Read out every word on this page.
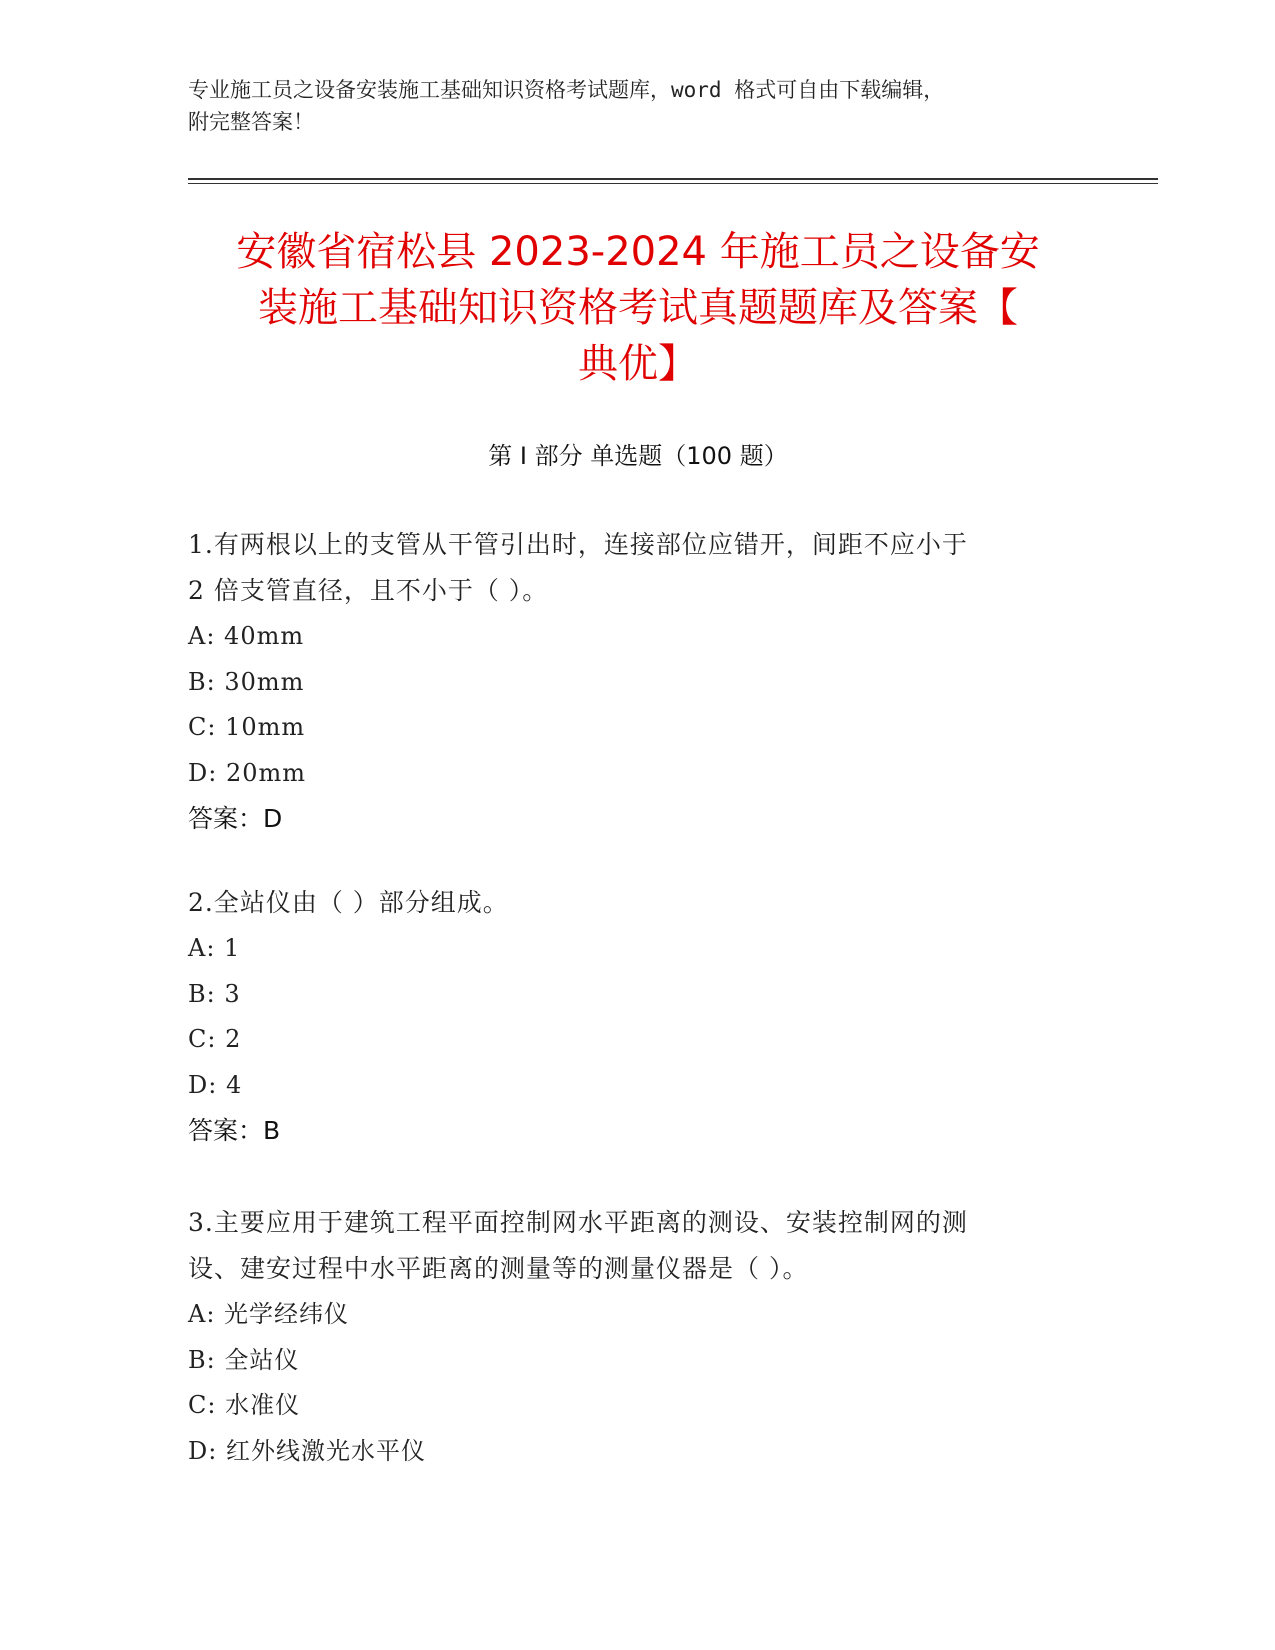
专业施工员之设备安装施工基础知识资格考试题库，word 格式可自由下载编辑，
附完整答案！
安徽省宿松县 2023-2024 年施工员之设备安
装施工基础知识资格考试真题题库及答案【
典优】
第 I 部分 单选题（100 题）
1.有两根以上的支管从干管引出时，连接部位应错开，间距不应小于
2 倍支管直径，且不小于（ ）。
A: 40mm
B: 30mm
C: 10mm
D: 20mm
答案：D
2.全站仪由（ ）部分组成。
A: 1
B: 3
C: 2
D: 4
答案：B
3.主要应用于建筑工程平面控制网水平距离的测设、安装控制网的测
设、建安过程中水平距离的测量等的测量仪器是（ ）。
A: 光学经纬仪
B: 全站仪
C: 水准仪
D: 红外线激光水平仪
